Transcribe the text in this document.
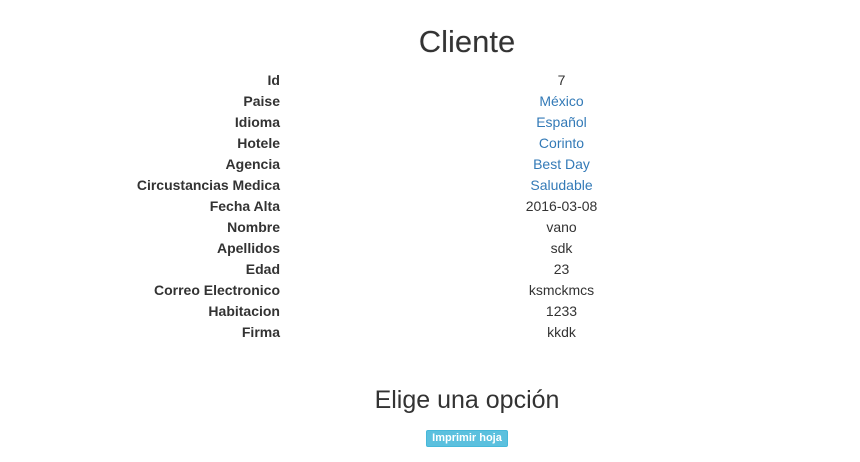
Cliente
Id	7
Paise	México
Idioma	Español
Hotele	Corinto
Agencia	Best Day
Circustancias Medica	Saludable
Fecha Alta	2016-03-08
Nombre	vano
Apellidos	sdk
Edad	23
Correo Electronico	ksmckmcs
Habitacion	1233
Firma	kkdk
Elige una opción
Imprimir hoja
